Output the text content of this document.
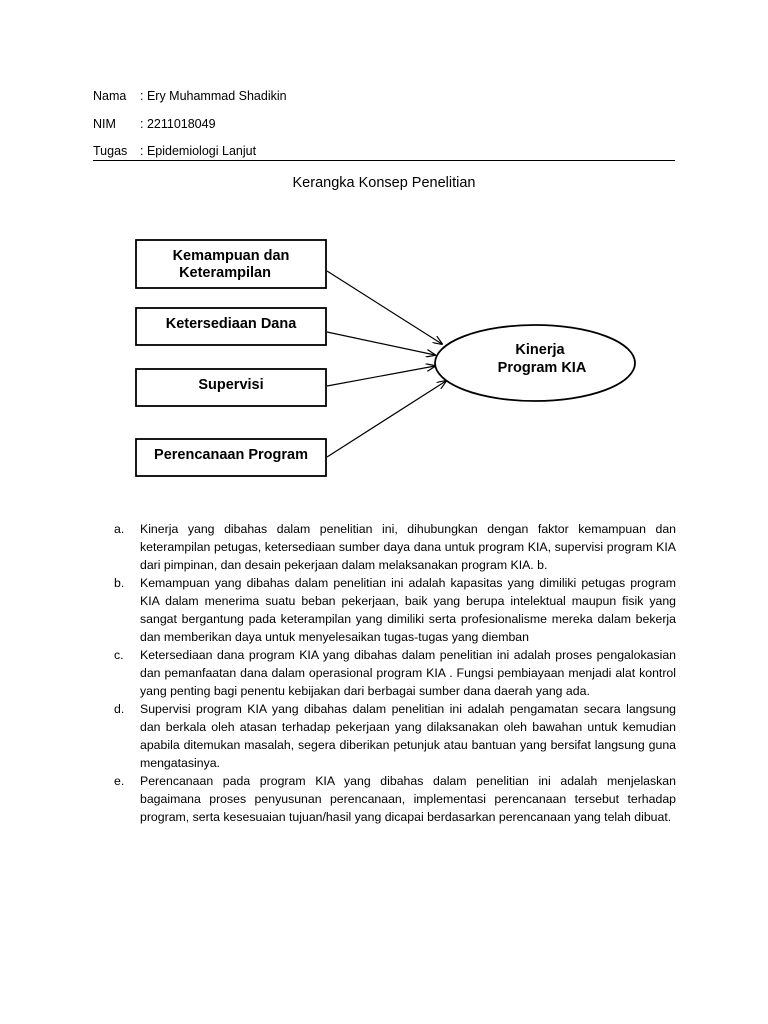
Nama : Ery Muhammad Shadikin
NIM : 2211018049
Tugas : Epidemiologi Lanjut
Kerangka Konsep Penelitian
Kemampuan dan
Keterampilan
Ketersediaan Dana
Supervisi
Perencanaan Program
Kinerja
Program KIA
a. Kinerja yang dibahas dalam penelitian ini, dihubungkan dengan faktor kemampuan dan keterampilan petugas, ketersediaan sumber daya dana untuk program KIA, supervisi program KIA dari pimpinan, dan desain pekerjaan dalam melaksanakan program KIA. b.
b. Kemampuan yang dibahas dalam penelitian ini adalah kapasitas yang dimiliki petugas program KIA dalam menerima suatu beban pekerjaan, baik yang berupa intelektual maupun fisik yang sangat bergantung pada keterampilan yang dimiliki serta profesionalisme mereka dalam bekerja dan memberikan daya untuk menyelesaikan tugas-tugas yang diemban
c. Ketersediaan dana program KIA yang dibahas dalam penelitian ini adalah proses pengalokasian dan pemanfaatan dana dalam operasional program KIA . Fungsi pembiayaan menjadi alat kontrol yang penting bagi penentu kebijakan dari berbagai sumber dana daerah yang ada.
d. Supervisi program KIA yang dibahas dalam penelitian ini adalah pengamatan secara langsung dan berkala oleh atasan terhadap pekerjaan yang dilaksanakan oleh bawahan untuk kemudian apabila ditemukan masalah, segera diberikan petunjuk atau bantuan yang bersifat langsung guna mengatasinya.
e. Perencanaan pada program KIA yang dibahas dalam penelitian ini adalah menjelaskan bagaimana proses penyusunan perencanaan, implementasi perencanaan tersebut terhadap program, serta kesesuaian tujuan/hasil yang dicapai berdasarkan perencanaan yang telah dibuat.
